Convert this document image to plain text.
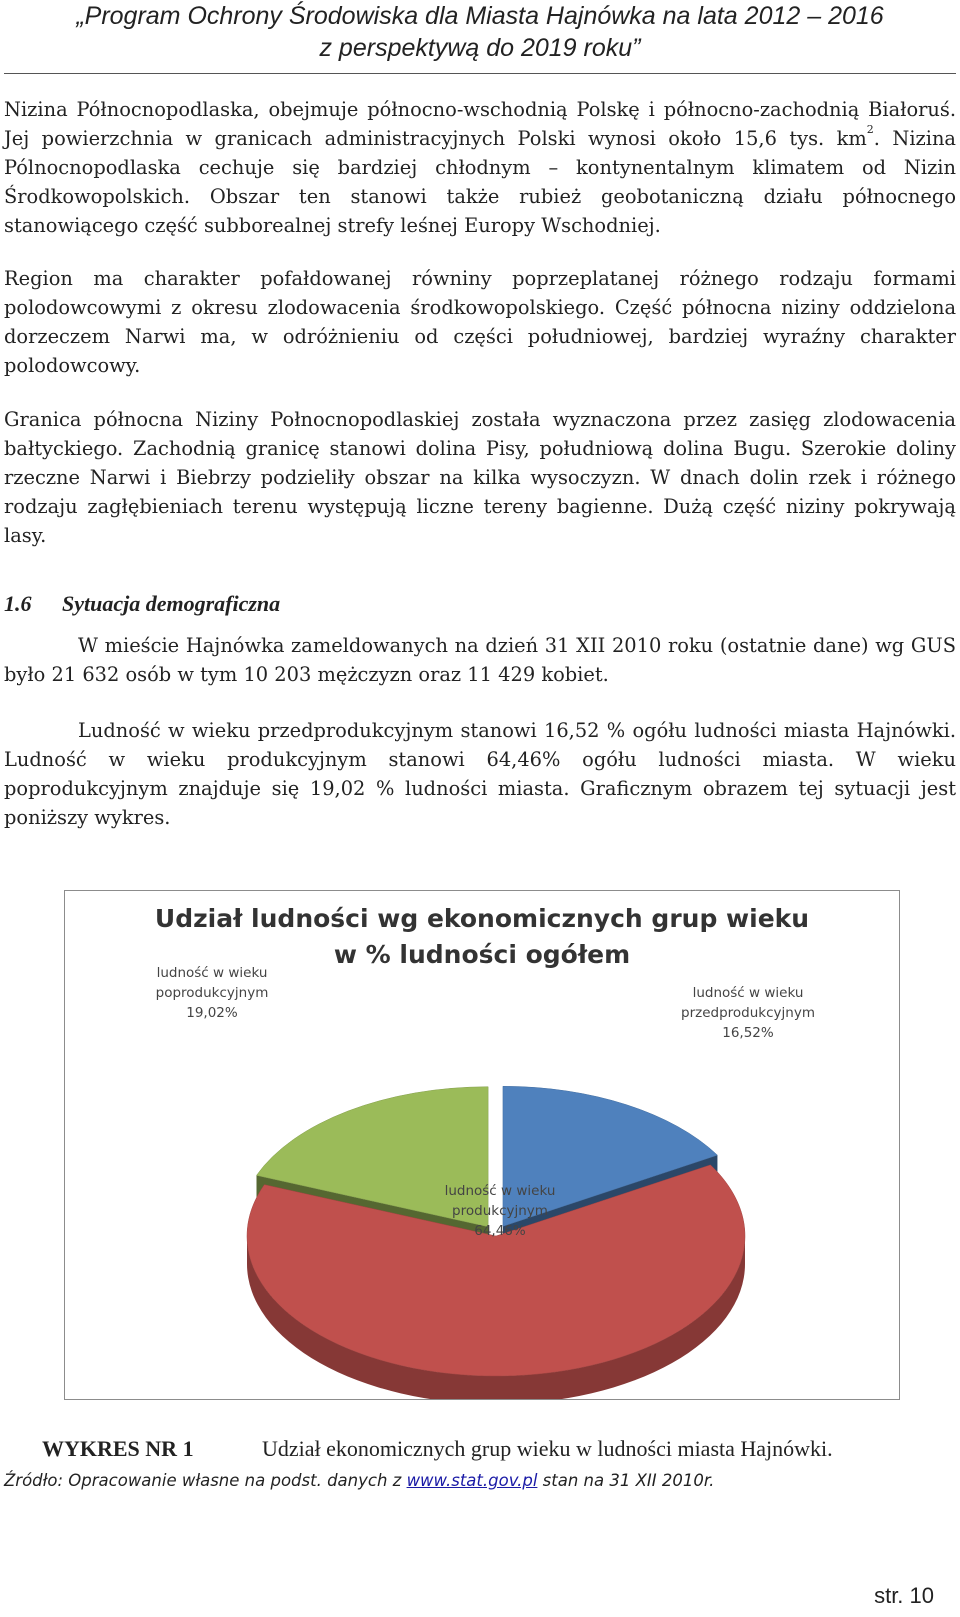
„Program Ochrony Środowiska dla Miasta Hajnówka na lata 2012 – 2016
z perspektywą do 2019 roku”

Nizina Północnopodlaska, obejmuje północno-wschodnią Polskę i północno-zachodnią Białoruś. Jej powierzchnia w granicach administracyjnych Polski wynosi około 15,6 tys. $km^2$. Nizina Pólnocnopodlaska cechuje się bardziej chłodnym – kontynentalnym klimatem od Nizin Środkowopolskich. Obszar ten stanowi także rubież geobotaniczną działu północnego stanowiącego część subborealnej strefy leśnej Europy Wschodniej.

Region ma charakter pofałdowanej równiny poprzeplatanej różnego rodzaju formami polodowcowymi z okresu zlodowacenia środkowopolskiego. Część północna niziny oddzielona dorzeczem Narwi ma, w odróżnieniu od części południowej, bardziej wyraźny charakter polodowcowy.

Granica północna Niziny Połnocnopodlaskiej została wyznaczona przez zasięg zlodowacenia bałtyckiego. Zachodnią granicę stanowi dolina Pisy, południową dolina Bugu. Szerokie doliny rzeczne Narwi i Biebrzy podzieliły obszar na kilka wysoczyzn. W dnach dolin rzek i różnego rodzaju zagłębieniach terenu występują liczne tereny bagienne. Dużą część niziny pokrywają lasy.

1.6 Sytuacja demograficzna

W mieście Hajnówka zameldowanych na dzień 31 XII 2010 roku (ostatnie dane) wg GUS było 21 632 osób w tym 10 203 mężczyzn oraz 11 429 kobiet.

Ludność w wieku przedprodukcyjnym stanowi 16,52 % ogółu ludności miasta Hajnówki. Ludność w wieku produkcyjnym stanowi 64,46% ogółu ludności miasta. W wieku poprodukcyjnym znajduje się 19,02 % ludności miasta. Graficznym obrazem tej sytuacji jest poniższy wykres.

Udział ludności wg ekonomicznych grup wieku
w % ludności ogółem
ludność w wieku
poprodukcyjnym
19,02%
ludność w wieku
przedprodukcyjnym
16,52%
ludność w wieku
produkcyjnym
64,46%
WYKRES NR 1	Udział ekonomicznych grup wieku w ludności miasta Hajnówki.
Źródło: Opracowanie własne na podst. danych z www.stat.gov.pl stan na 31 XII 2010r.
str. 10
